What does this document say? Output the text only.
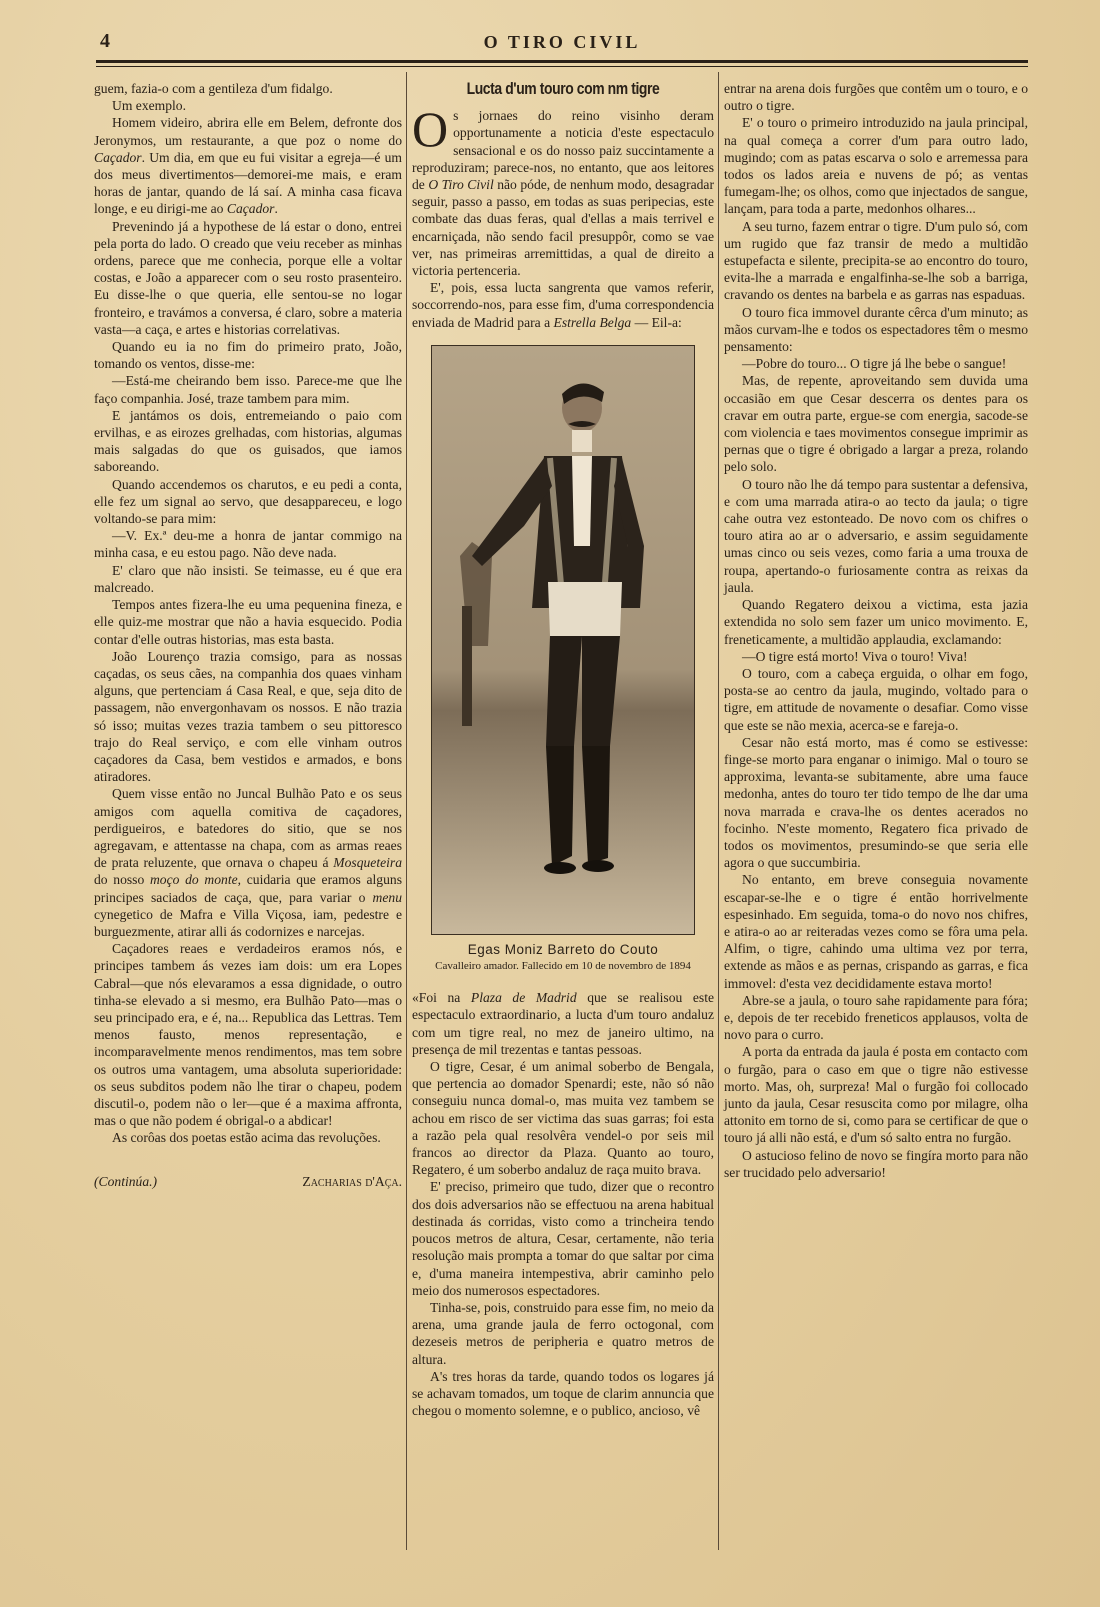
4	O TIRO CIVIL

guem, fazia-o com a gentileza d'um fidalgo.

Um exemplo.

Homem videiro, abrira elle em Belem, defronte dos Jeronymos, um restaurante, a que poz o nome do Caçador. Um dia, em que eu fui visitar a egreja—é um dos meus divertimentos—demorei-me mais, e eram horas de jantar, quando de lá saí. A minha casa ficava longe, e eu dirigi-me ao Caçador.

Prevenindo já a hypothese de lá estar o dono, entrei pela porta do lado. O creado que veiu receber as minhas ordens, parece que me conhecia, porque elle a voltar costas, e João a apparecer com o seu rosto prasenteiro. Eu disse-lhe o que queria, elle sentou-se no logar fronteiro, e travámos a conversa, é claro, sobre a materia vasta—a caça, e artes e historias correlativas.

Quando eu ia no fim do primeiro prato, João, tomando os ventos, disse-me:

—Está-me cheirando bem isso. Parece-me que lhe faço companhia. José, traze tambem para mim.

E jantámos os dois, entremeiando o paio com ervilhas, e as eirozes grelhadas, com historias, algumas mais salgadas do que os guisados, que iamos saboreando.

Quando accendemos os charutos, e eu pedi a conta, elle fez um signal ao servo, que desappareceu, e logo voltando-se para mim:

—V. Ex.ª deu-me a honra de jantar commigo na minha casa, e eu estou pago. Não deve nada.

E' claro que não insisti. Se teimasse, eu é que era malcreado.

Tempos antes fizera-lhe eu uma pequenina fineza, e elle quiz-me mostrar que não a havia esquecido. Podia contar d'elle outras historias, mas esta basta.

João Lourenço trazia comsigo, para as nossas caçadas, os seus cães, na companhia dos quaes vinham alguns, que pertenciam á Casa Real, e que, seja dito de passagem, não envergonhavam os nossos. E não trazia só isso; muitas vezes trazia tambem o seu pittoresco trajo do Real serviço, e com elle vinham outros caçadores da Casa, bem vestidos e armados, e bons atiradores.

Quem visse então no Juncal Bulhão Pato e os seus amigos com aquella comitiva de caçadores, perdigueiros, e batedores do sitio, que se nos agregavam, e attentasse na chapa, com as armas reaes de prata reluzente, que ornava o chapeu á Mosqueteira do nosso moço do monte, cuidaria que eramos alguns principes saciados de caça, que, para variar o menu cynegetico de Mafra e Villa Viçosa, iam, pedestre e burguezmente, atirar alli ás codornizes e narcejas.

Caçadores reaes e verdadeiros eramos nós, e principes tambem ás vezes iam dois: um era Lopes Cabral—que nós elevaramos a essa dignidade, o outro tinha-se elevado a si mesmo, era Bulhão Pato—mas o seu principado era, e é, na... Republica das Lettras. Tem menos fausto, menos representação, e incomparavelmente menos rendimentos, mas tem sobre os outros uma vantagem, uma absoluta superioridade: os seus subditos podem não lhe tirar o chapeu, podem discutil-o, podem não o ler—que é a maxima affronta, mas o que não podem é obrigal-o a abdicar!

As corôas dos poetas estão acima das revoluções.

(Continúa.)	Zacharias d'Aça.
Lucta d'um touro com nm tigre

Os jornaes do reino visinho deram opportunamente a noticia d'este espectaculo sensacional e os do nosso paiz succintamente a reproduziram; parece-nos, no entanto, que aos leitores de O Tiro Civil não póde, de nenhum modo, desagradar seguir, passo a passo, em todas as suas peripecias, este combate das duas feras, qual d'ellas a mais terrivel e encarniçada, não sendo facil presuppôr, como se vae ver, nas primeiras arremittidas, a qual de direito a victoria pertenceria.

E', pois, essa lucta sangrenta que vamos referir, soccorrendo-nos, para esse fim, d'uma correspondencia enviada de Madrid para a Estrella Belga — Eil-a:

Egas Moniz Barreto do Couto

Cavalleiro amador. Fallecido em 10 de novembro de 1894

«Foi na Plaza de Madrid que se realisou este espectaculo extraordinario, a lucta d'um touro andaluz com um tigre real, no mez de janeiro ultimo, na presença de mil trezentas e tantas pessoas.

O tigre, Cesar, é um animal soberbo de Bengala, que pertencia ao domador Spenardi; este, não só não conseguiu nunca domal-o, mas muita vez tambem se achou em risco de ser victima das suas garras; foi esta a razão pela qual resolvêra vendel-o por seis mil francos ao director da Plaza. Quanto ao touro, Regatero, é um soberbo andaluz de raça muito brava.

E' preciso, primeiro que tudo, dizer que o recontro dos dois adversarios não se effectuou na arena habitual destinada ás corridas, visto como a trincheira tendo poucos metros de altura, Cesar, certamente, não teria resolução mais prompta a tomar do que saltar por cima e, d'uma maneira intempestiva, abrir caminho pelo meio dos numerosos espectadores.

Tinha-se, pois, construido para esse fim, no meio da arena, uma grande jaula de ferro octogonal, com dezeseis metros de peripheria e quatro metros de altura.

A's tres horas da tarde, quando todos os logares já se achavam tomados, um toque de clarim annuncia que chegou o momento solemne, e o publico, ancioso, vê

entrar na arena dois furgões que contêm um o touro, e o outro o tigre.

E' o touro o primeiro introduzido na jaula principal, na qual começa a correr d'um para outro lado, mugindo; com as patas escarva o solo e arremessa para todos os lados areia e nuvens de pó; as ventas fumegam-lhe; os olhos, como que injectados de sangue, lançam, para toda a parte, medonhos olhares...

A seu turno, fazem entrar o tigre. D'um pulo só, com um rugido que faz transir de medo a multidão estupefacta e silente, precipita-se ao encontro do touro, evita-lhe a marrada e engalfinha-se-lhe sob a barriga, cravando os dentes na barbela e as garras nas espaduas.

O touro fica immovel durante cêrca d'um minuto; as mãos curvam-lhe e todos os espectadores têm o mesmo pensamento:

—Pobre do touro... O tigre já lhe bebe o sangue!

Mas, de repente, aproveitando sem duvida uma occasião em que Cesar descerra os dentes para os cravar em outra parte, ergue-se com energia, sacode-se com violencia e taes movimentos consegue imprimir as pernas que o tigre é obrigado a largar a preza, rolando pelo solo.

O touro não lhe dá tempo para sustentar a defensiva, e com uma marrada atira-o ao tecto da jaula; o tigre cahe outra vez estonteado. De novo com os chifres o touro atira ao ar o adversario, e assim seguidamente umas cinco ou seis vezes, como faria a uma trouxa de roupa, apertando-o furiosamente contra as reixas da jaula.

Quando Regatero deixou a victima, esta jazia extendida no solo sem fazer um unico movimento. E, freneticamente, a multidão applaudia, exclamando:

—O tigre está morto! Viva o touro! Viva!

O touro, com a cabeça erguida, o olhar em fogo, posta-se ao centro da jaula, mugindo, voltado para o tigre, em attitude de novamente o desafiar. Como visse que este se não mexia, acerca-se e fareja-o.

Cesar não está morto, mas é como se estivesse: finge-se morto para enganar o inimigo. Mal o touro se approxima, levanta-se subitamente, abre uma fauce medonha, antes do touro ter tido tempo de lhe dar uma nova marrada e crava-lhe os dentes acerados no focinho. N'este momento, Regatero fica privado de todos os movimentos, presumindo-se que seria elle agora o que succumbiria.

No entanto, em breve conseguia novamente escapar-se-lhe e o tigre é então horrivelmente espesinhado. Em seguida, toma-o do novo nos chifres, e atira-o ao ar reiteradas vezes como se fôra uma pela. Alfim, o tigre, cahindo uma ultima vez por terra, extende as mãos e as pernas, crispando as garras, e fica immovel: d'esta vez decididamente estava morto!

Abre-se a jaula, o touro sahe rapidamente para fóra; e, depois de ter recebido freneticos applausos, volta de novo para o curro.

A porta da entrada da jaula é posta em contacto com o furgão, para o caso em que o tigre não estivesse morto. Mas, oh, surpreza! Mal o furgão foi collocado junto da jaula, Cesar resuscita como por milagre, olha attonito em torno de si, como para se certificar de que o touro já alli não está, e d'um só salto entra no furgão.

O astucioso felino de novo se fingíra morto para não ser trucidado pelo adversario!
